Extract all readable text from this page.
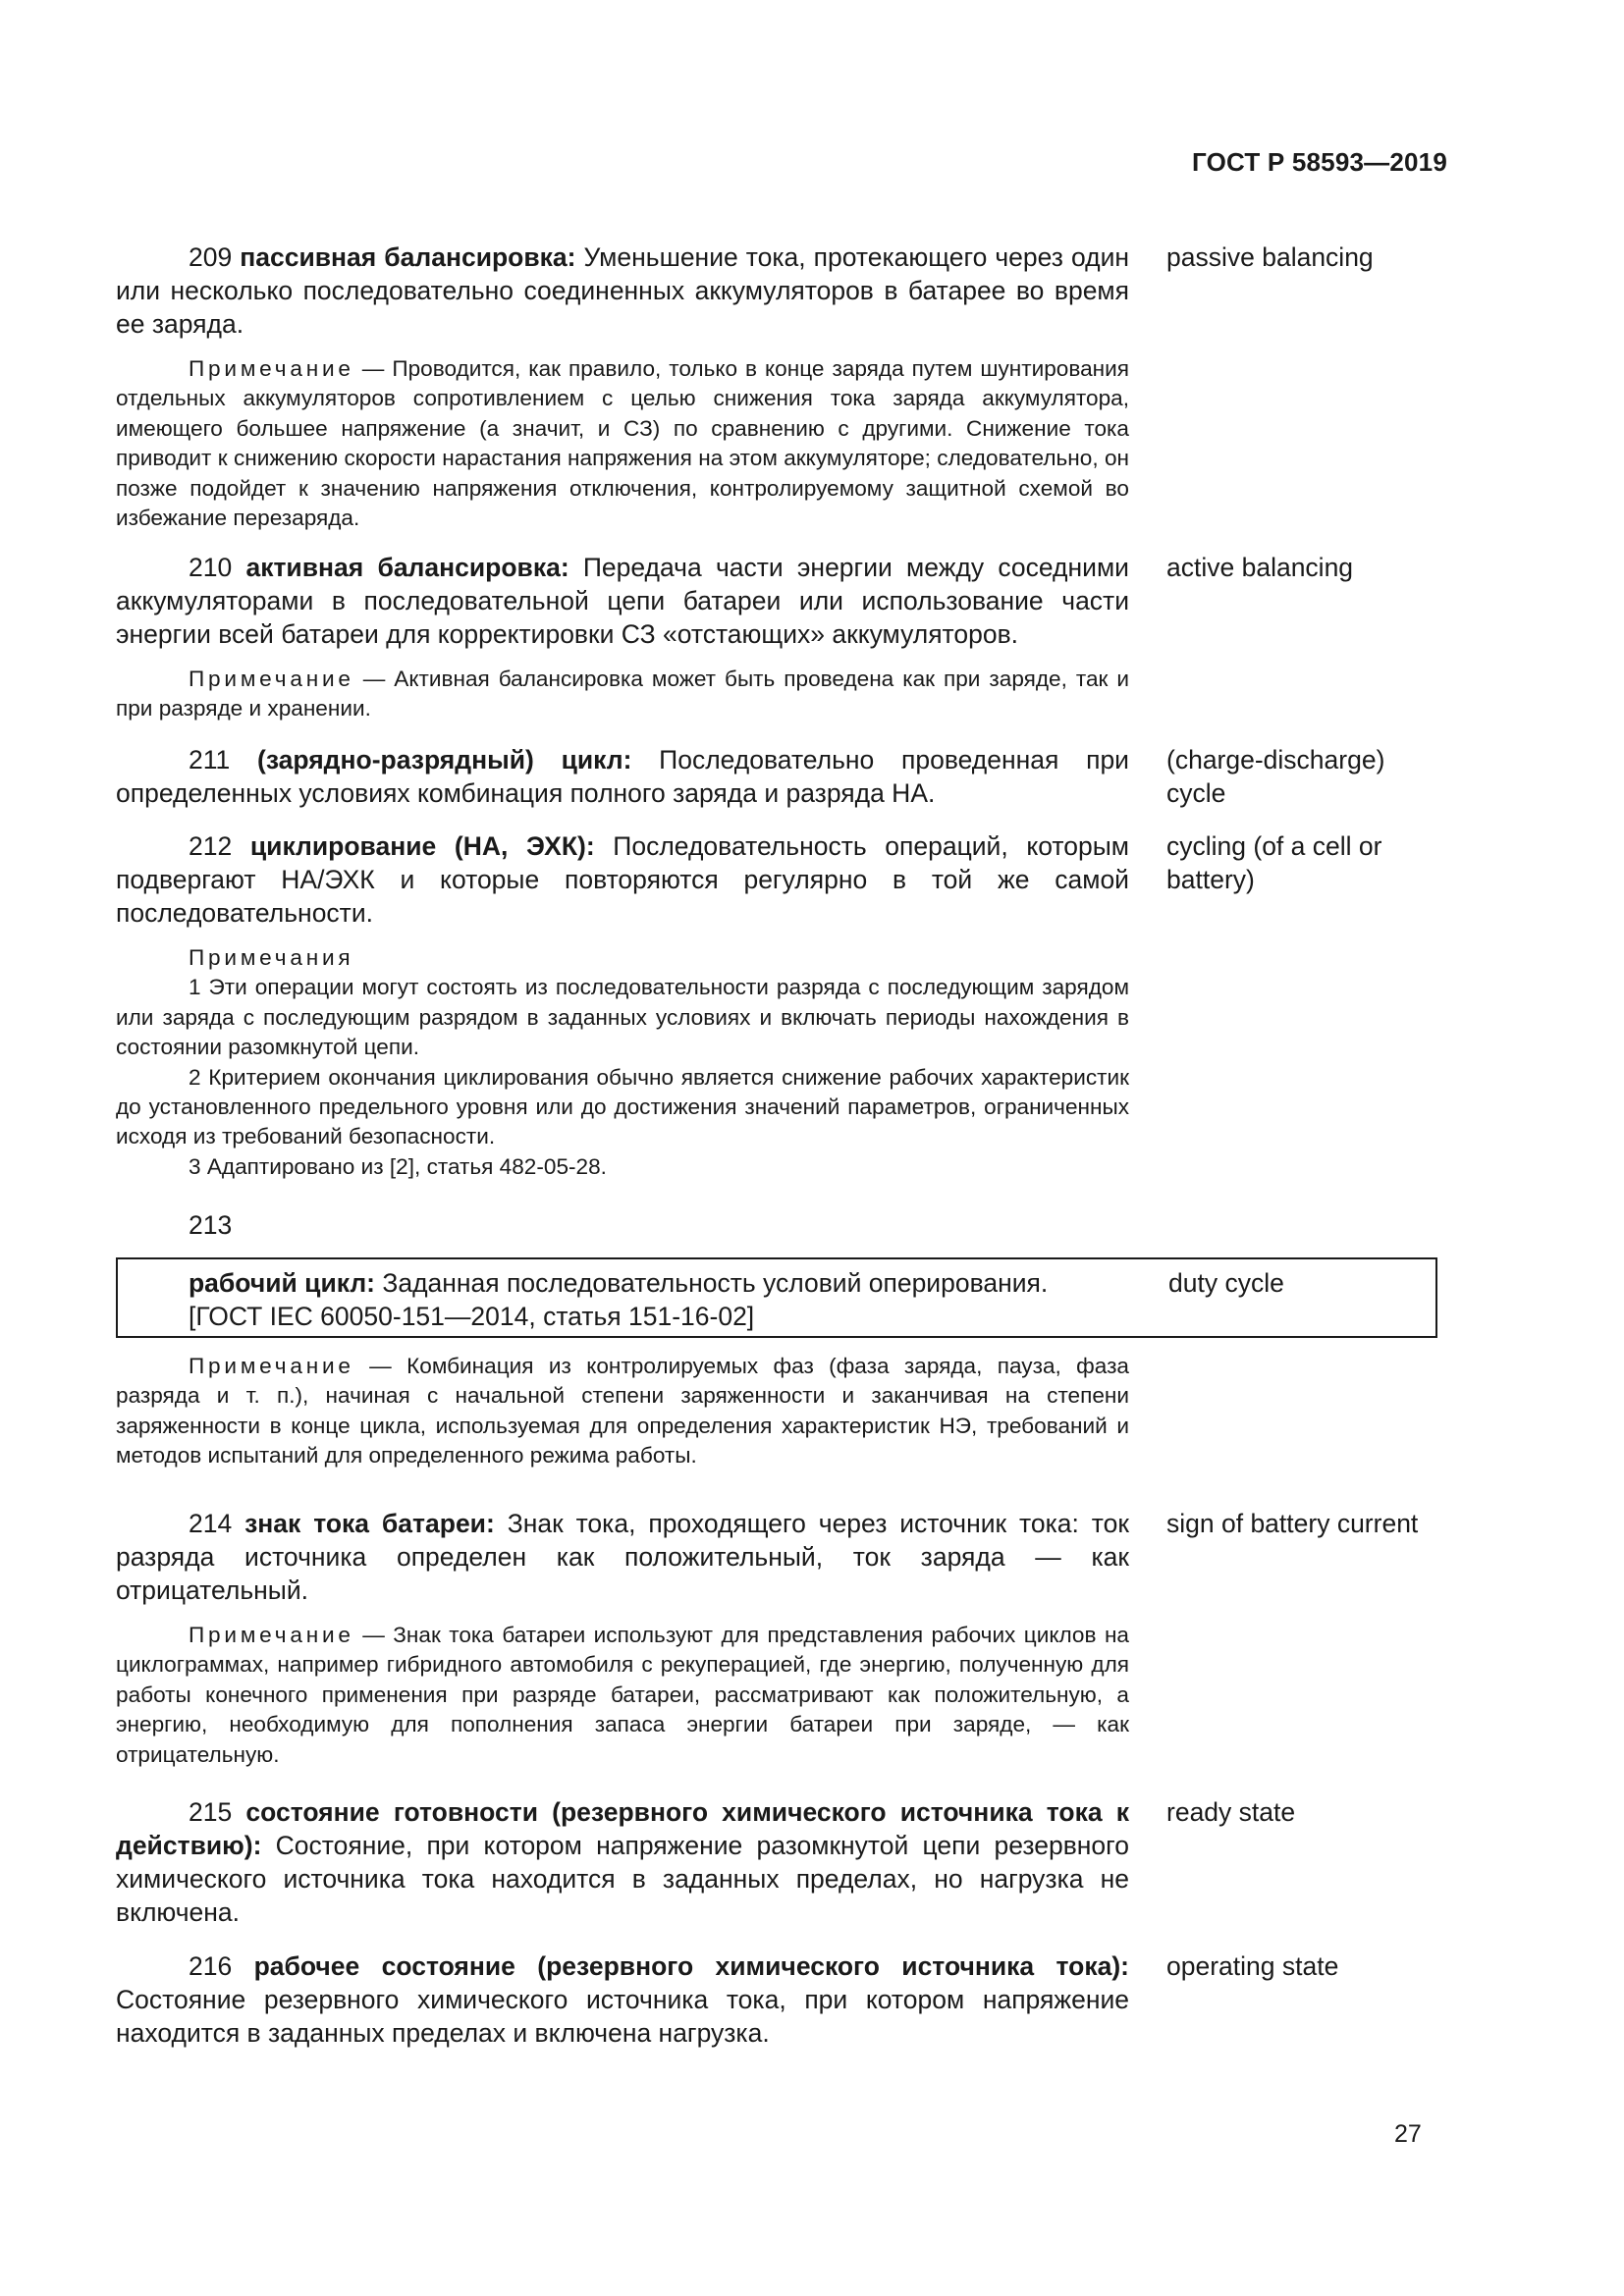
ГОСТ Р 58593—2019

209 пассивная балансировка: Уменьшение тока, протекающего через один или несколько последовательно соединенных аккумуляторов в батарее во время ее заряда.

passive balancing

Примечание — Проводится, как правило, только в конце заряда путем шунтирования отдельных аккумуляторов сопротивлением с целью снижения тока заряда аккумулятора, имеющего большее напряжение (а значит, и СЗ) по сравнению с другими. Снижение тока приводит к снижению скорости нарастания напряжения на этом аккумуляторе; следовательно, он позже подойдет к значению напряжения отключения, контролируемому защитной схемой во избежание перезаряда.

210 активная балансировка: Передача части энергии между соседними аккумуляторами в последовательной цепи батареи или использование части энергии всей батареи для корректировки СЗ «отстающих» аккумуляторов.

active balancing

Примечание — Активная балансировка может быть проведена как при заряде, так и при разряде и хранении.

211 (зарядно-разрядный) цикл: Последовательно проведенная при определенных условиях комбинация полного заряда и разряда НА.

(charge-discharge) cycle

212 циклирование (НА, ЭХК): Последовательность операций, которым подвергают НА/ЭХК и которые повторяются регулярно в той же самой последовательности.

cycling (of a cell or battery)

Примечания

1 Эти операции могут состоять из последовательности разряда с последующим зарядом или заряда с последующим разрядом в заданных условиях и включать периоды нахождения в состоянии разомкнутой цепи.

2 Критерием окончания циклирования обычно является снижение рабочих характеристик до установленного предельного уровня или до достижения значений параметров, ограниченных исходя из требований безопасности.

3 Адаптировано из [2], статья 482-05-28.

213

рабочий цикл: Заданная последовательность условий оперирования.

[ГОСТ IEC 60050-151—2014, статья 151-16-02]

duty cycle

Примечание — Комбинация из контролируемых фаз (фаза заряда, пауза, фаза разряда и т. п.), начиная с начальной степени заряженности и заканчивая на степени заряженности в конце цикла, используемая для определения характеристик НЭ, требований и методов испытаний для определенного режима работы.

214 знак тока батареи: Знак тока, проходящего через источник тока: ток разряда источника определен как положительный, ток заряда — как отрицательный.

sign of battery current

Примечание — Знак тока батареи используют для представления рабочих циклов на циклограммах, например гибридного автомобиля с рекуперацией, где энергию, полученную для работы конечного применения при разряде батареи, рассматривают как положительную, а энергию, необходимую для пополнения запаса энергии батареи при заряде, — как отрицательную.

215 состояние готовности (резервного химического источника тока к действию): Состояние, при котором напряжение разомкнутой цепи резервного химического источника тока находится в заданных пределах, но нагрузка не включена.

ready state

216 рабочее состояние (резервного химического источника тока): Состояние резервного химического источника тока, при котором напряжение находится в заданных пределах и включена нагрузка.

operating state
27
